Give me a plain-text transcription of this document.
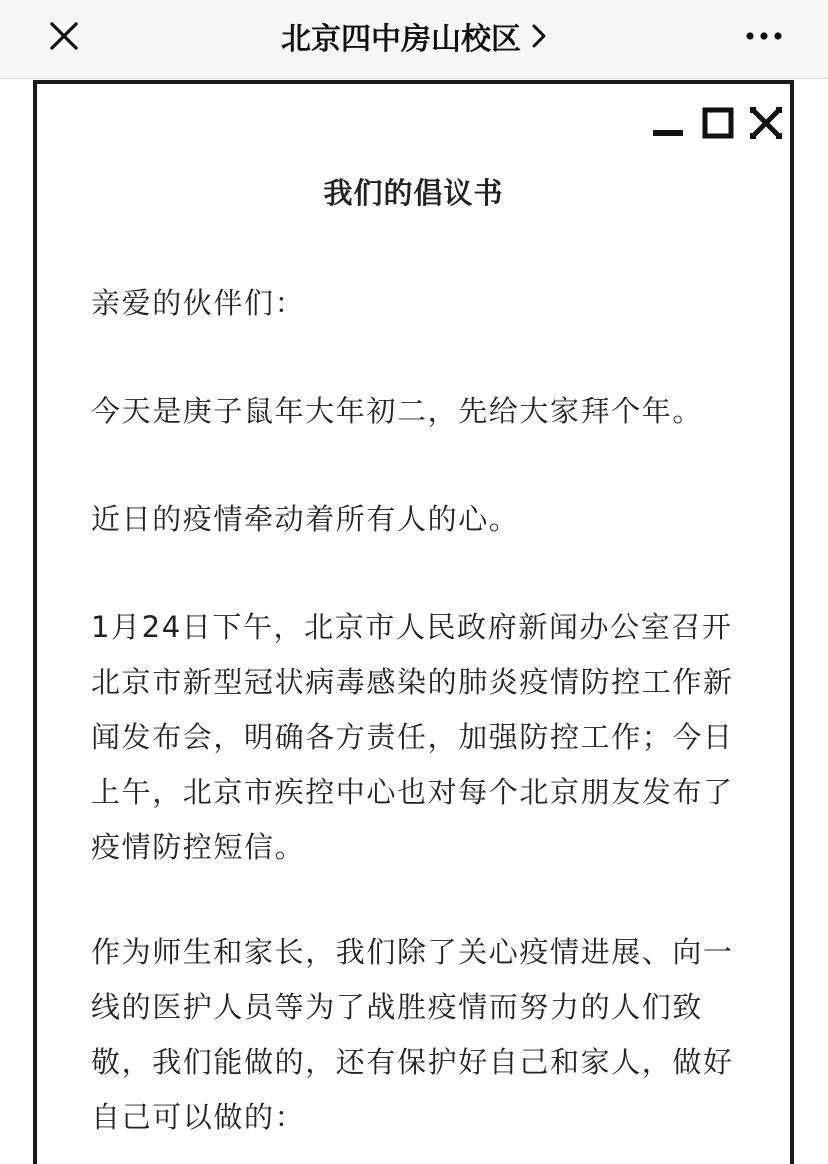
北京四中房山校区
我们的倡议书

亲爱的伙伴们：

今天是庚子鼠年大年初二，先给大家拜个年。

近日的疫情牵动着所有人的心。

1月24日下午，北京市人民政府新闻办公室召开北京市新型冠状病毒感染的肺炎疫情防控工作新闻发布会，明确各方责任，加强防控工作；今日上午，北京市疾控中心也对每个北京朋友发布了疫情防控短信。

作为师生和家长，我们除了关心疫情进展、向一线的医护人员等为了战胜疫情而努力的人们致敬，我们能做的，还有保护好自己和家人，做好自己可以做的：
